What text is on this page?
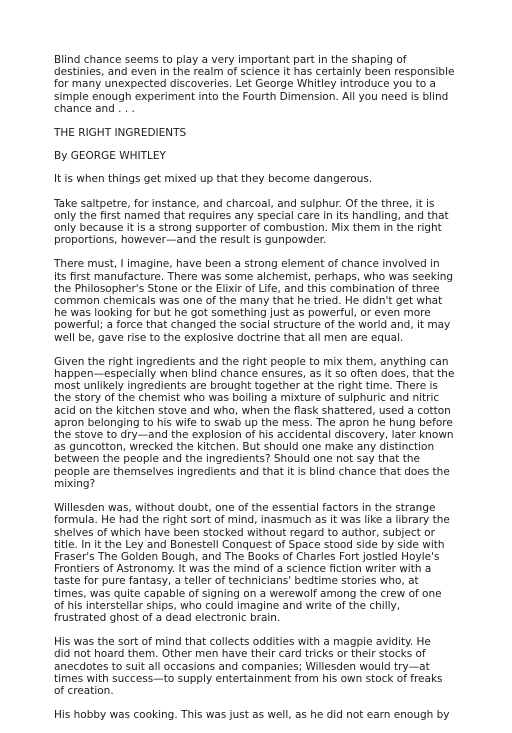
Blind chance seems to play a very important part in the shaping of
destinies, and even in the realm of science it has certainly been responsible
for many unexpected discoveries. Let George Whitley introduce you to a
simple enough experiment into the Fourth Dimension. All you need is blind
chance and . . .

THE RIGHT INGREDIENTS

By GEORGE WHITLEY

It is when things get mixed up that they become dangerous.

Take saltpetre, for instance, and charcoal, and sulphur. Of the three, it is
only the first named that requires any special care in its handling, and that
only because it is a strong supporter of combustion. Mix them in the right
proportions, however—and the result is gunpowder.

There must, I imagine, have been a strong element of chance involved in
its first manufacture. There was some alchemist, perhaps, who was seeking
the Philosopher's Stone or the Elixir of Life, and this combination of three
common chemicals was one of the many that he tried. He didn't get what
he was looking for but he got something just as powerful, or even more
powerful; a force that changed the social structure of the world and, it may
well be, gave rise to the explosive doctrine that all men are equal.

Given the right ingredients and the right people to mix them, anything can
happen—especially when blind chance ensures, as it so often does, that the
most unlikely ingredients are brought together at the right time. There is
the story of the chemist who was boiling a mixture of sulphuric and nitric
acid on the kitchen stove and who, when the flask shattered, used a cotton
apron belonging to his wife to swab up the mess. The apron he hung before
the stove to dry—and the explosion of his accidental discovery, later known
as guncotton, wrecked the kitchen. But should one make any distinction
between the people and the ingredients? Should one not say that the
people are themselves ingredients and that it is blind chance that does the
mixing?

Willesden was, without doubt, one of the essential factors in the strange
formula. He had the right sort of mind, inasmuch as it was like a library the
shelves of which have been stocked without regard to author, subject or
title. In it the Ley and Bonestell Conquest of Space stood side by side with
Fraser's The Golden Bough, and The Books of Charles Fort jostled Hoyle's
Frontiers of Astronomy. It was the mind of a science fiction writer with a
taste for pure fantasy, a teller of technicians' bedtime stories who, at
times, was quite capable of signing on a werewolf among the crew of one
of his interstellar ships, who could imagine and write of the chilly,
frustrated ghost of a dead electronic brain.

His was the sort of mind that collects oddities with a magpie avidity. He
did not hoard them. Other men have their card tricks or their stocks of
anecdotes to suit all occasions and companies; Willesden would try—at
times with success—to supply entertainment from his own stock of freaks
of creation.

His hobby was cooking. This was just as well, as he did not earn enough by
